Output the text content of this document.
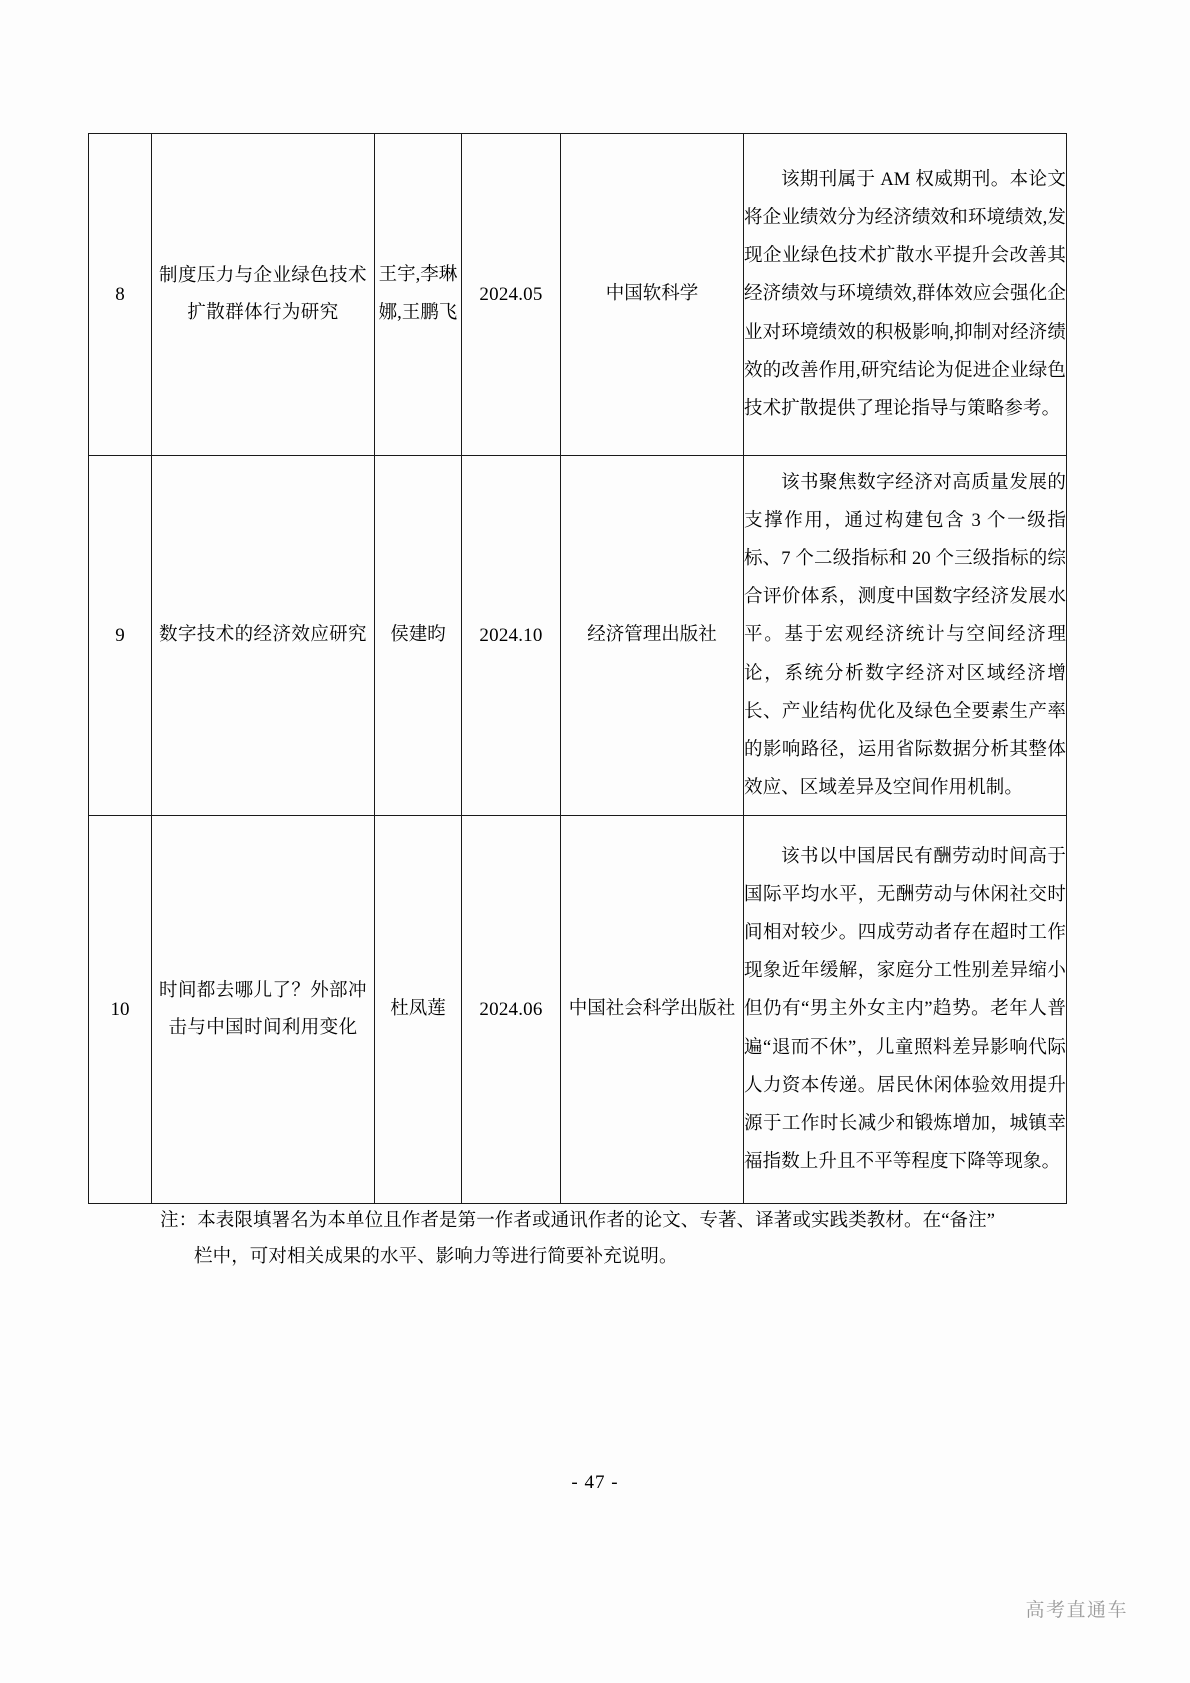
8	制度压力与企业绿色技术扩散群体行为研究	王宇,李琳娜,王鹏飞	2024.05	中国软科学	该期刊属于 AM 权威期刊。本论文将企业绩效分为经济绩效和环境绩效,发现企业绿色技术扩散水平提升会改善其经济绩效与环境绩效,群体效应会强化企业对环境绩效的积极影响,抑制对经济绩效的改善作用,研究结论为促进企业绿色技术扩散提供了理论指导与策略参考。
9	数字技术的经济效应研究	侯建昀	2024.10	经济管理出版社	该书聚焦数字经济对高质量发展的支撑作用，通过构建包含 3 个一级指标、7 个二级指标和 20 个三级指标的综合评价体系，测度中国数字经济发展水平。基于宏观经济统计与空间经济理论，系统分析数字经济对区域经济增长、产业结构优化及绿色全要素生产率的影响路径，运用省际数据分析其整体效应、区域差异及空间作用机制。
10	时间都去哪儿了？外部冲击与中国时间利用变化	杜凤莲	2024.06	中国社会科学出版社	该书以中国居民有酬劳动时间高于国际平均水平，无酬劳动与休闲社交时间相对较少。四成劳动者存在超时工作现象近年缓解，家庭分工性别差异缩小但仍有“男主外女主内”趋势。老年人普遍“退而不休”，儿童照料差异影响代际人力资本传递。居民休闲体验效用提升源于工作时长减少和锻炼增加，城镇幸福指数上升且不平等程度下降等现象。
注：本表限填署名为本单位且作者是第一作者或通讯作者的论文、专著、译著或实践类教材。在“备注”
栏中，可对相关成果的水平、影响力等进行简要补充说明。
- 47 -
高考直通车
